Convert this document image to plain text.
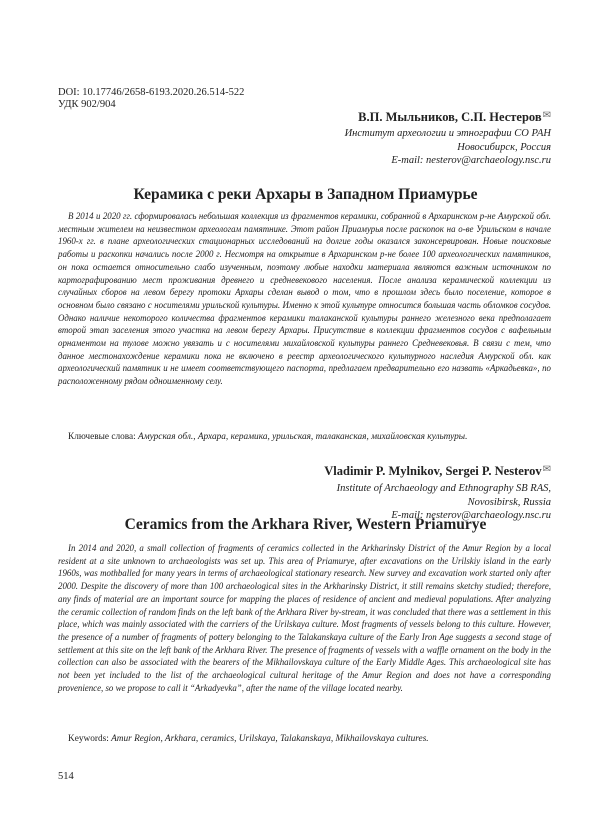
DOI: 10.17746/2658-6193.2020.26.514-522
УДК 902/904
В.П. Мыльников, С.П. Нестеров✉
Институт археологии и этнографии СО РАН
Новосибирск, Россия
E-mail: nesterov@archaeology.nsc.ru
Керамика с реки Архары в Западном Приамурье
В 2014 и 2020 гг. сформировалась небольшая коллекция из фрагментов керамики, собранной в Архаринском р-не Амурской обл. местным жителем на неизвестном археологам памятнике. Этот район Приамурья после раскопок на о-ве Урильском в начале 1960-х гг. в плане археологических стационарных исследований на долгие годы оказался законсервирован. Новые поисковые работы и раскопки начались после 2000 г. Несмотря на открытие в Архаринском р-не более 100 археологических памятников, он пока остается относительно слабо изученным, поэтому любые находки материала являются важным источником по картографированию мест проживания древнего и средневекового населения. После анализа керамической коллекции из случайных сборов на левом берегу протоки Архары сделан вывод о том, что в прошлом здесь было поселение, которое в основном было связано с носителями урильской культуры. Именно к этой культуре относится большая часть обломков сосудов. Однако наличие некоторого количества фрагментов керамики талаканской культуры раннего железного века предполагает второй этап заселения этого участка на левом берегу Архары. Присутствие в коллекции фрагментов сосудов с вафельным орнаментом на тулове можно увязать и с носителями михайловской культуры раннего Средневековья. В связи с тем, что данное местонахождение керамики пока не включено в реестр археологического культурного наследия Амурской обл. как археологический памятник и не имеет соответствующего паспорта, предлагаем предварительно его назвать «Аркадьевка», по расположенному рядом одноименному селу.
Ключевые слова: Амурская обл., Архара, керамика, урильская, талаканская, михайловская культуры.
Vladimir P. Mylnikov, Sergei P. Nesterov✉
Institute of Archaeology and Ethnography SB RAS,
Novosibirsk, Russia
E-mail: nesterov@archaeology.nsc.ru
Ceramics from the Arkhara River, Western Priamurye
In 2014 and 2020, a small collection of fragments of ceramics collected in the Arkharinsky District of the Amur Region by a local resident at a site unknown to archaeologists was set up. This area of Priamurye, after excavations on the Urilskiy island in the early 1960s, was mothballed for many years in terms of archaeological stationary research. New survey and excavation work started only after 2000. Despite the discovery of more than 100 archaeological sites in the Arkharinsky District, it still remains sketchy studied; therefore, any finds of material are an important source for mapping the places of residence of ancient and medieval populations. After analyzing the ceramic collection of random finds on the left bank of the Arkhara River by-stream, it was concluded that there was a settlement in this place, which was mainly associated with the carriers of the Urilskaya culture. Most fragments of vessels belong to this culture. However, the presence of a number of fragments of pottery belonging to the Talakanskaya culture of the Early Iron Age suggests a second stage of settlement at this site on the left bank of the Arkhara River. The presence of fragments of vessels with a waffle ornament on the body in the collection can also be associated with the bearers of the Mikhailovskaya culture of the Early Middle Ages. This archaeological site has not been yet included to the list of the archaeological cultural heritage of the Amur Region and does not have a corresponding provenience, so we propose to call it “Arkadyevka”, after the name of the village located nearby.
Keywords: Amur Region, Arkhara, ceramics, Urilskaya, Talakanskaya, Mikhailovskaya cultures.
514
